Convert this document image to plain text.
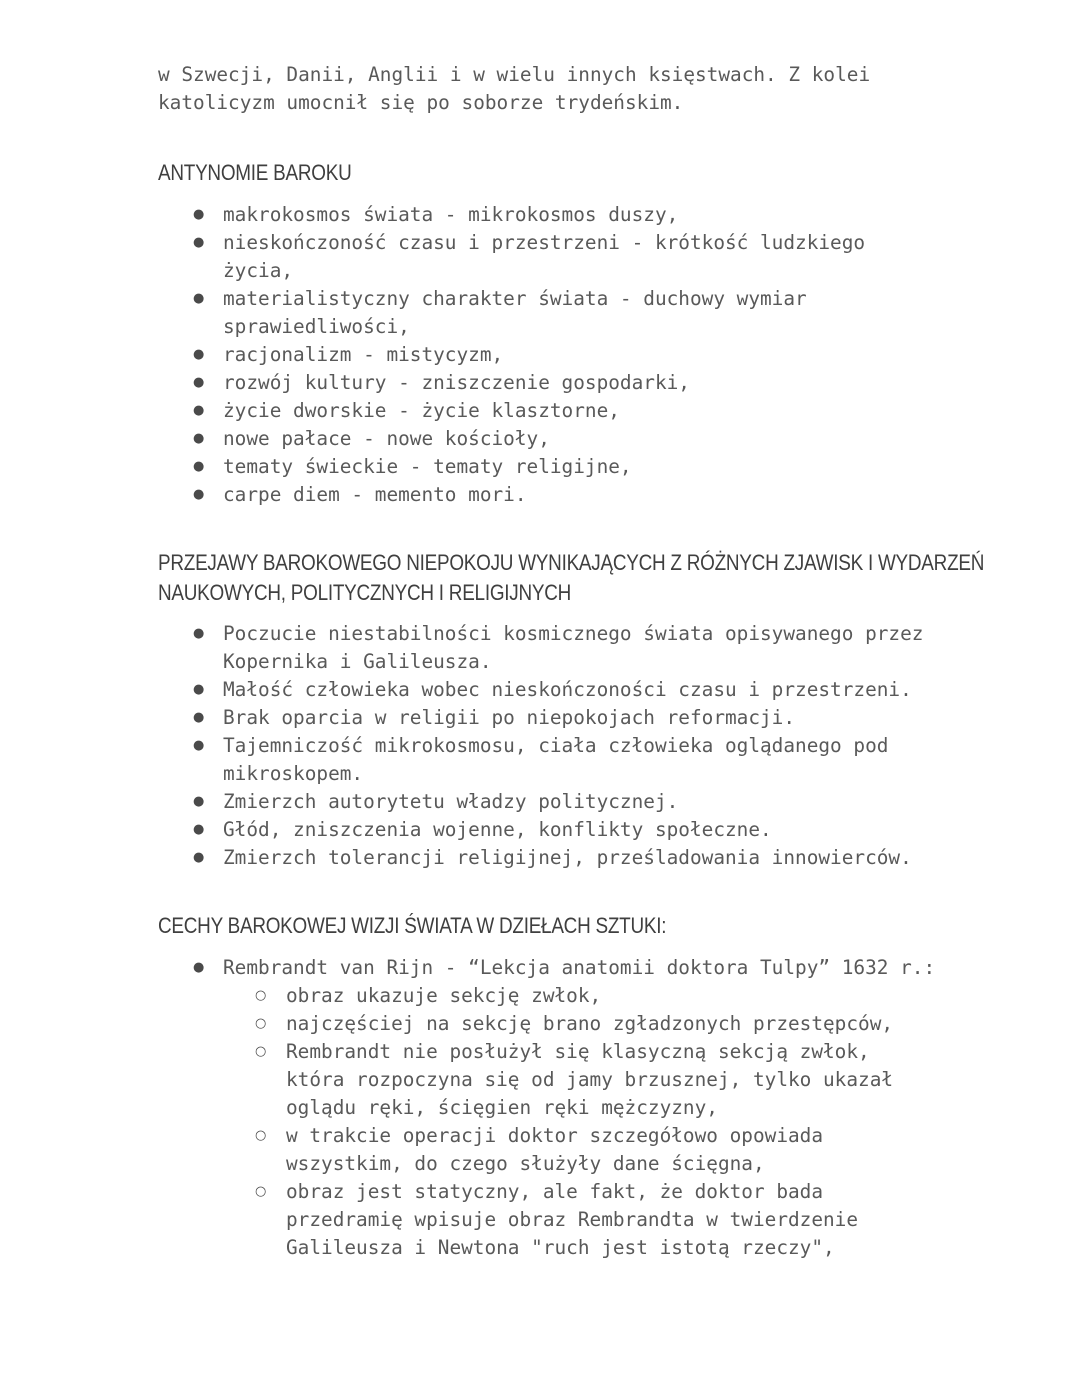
w Szwecji, Danii, Anglii i w wielu innych księstwach. Z kolei katolicyzm umocnił się po soborze trydeńskim.

ANTYNOMIE BAROKU
● makrokosmos świata - mikrokosmos duszy,
● nieskończoność czasu i przestrzeni - krótkość ludzkiego życia,
● materialistyczny charakter świata - duchowy wymiar sprawiedliwości,
● racjonalizm - mistycyzm,
● rozwój kultury - zniszczenie gospodarki,
● życie dworskie - życie klasztorne,
● nowe pałace - nowe kościoły,
● tematy świeckie - tematy religijne,
● carpe diem - memento mori.
PRZEJAWY BAROKOWEGO NIEPOKOJU WYNIKAJĄCYCH Z RÓŻNYCH ZJAWISK I WYDARZEŃ
NAUKOWYCH, POLITYCZNYCH I RELIGIJNYCH
● Poczucie niestabilności kosmicznego świata opisywanego przez Kopernika i Galileusza.
● Małość człowieka wobec nieskończoności czasu i przestrzeni.
● Brak oparcia w religii po niepokojach reformacji.
● Tajemniczość mikrokosmosu, ciała człowieka oglądanego pod mikroskopem.
● Zmierzch autorytetu władzy politycznej.
● Głód, zniszczenia wojenne, konflikty społeczne.
● Zmierzch tolerancji religijnej, prześladowania innowierców.
CECHY BAROKOWEJ WIZJI ŚWIATA W DZIEŁACH SZTUKI:
● Rembrandt van Rijn - “Lekcja anatomii doktora Tulpy” 1632 r.:
○ obraz ukazuje sekcję zwłok,
○ najczęściej na sekcję brano zgładzonych przestępców,
○ Rembrandt nie posłużył się klasyczną sekcją zwłok, która rozpoczyna się od jamy brzusznej, tylko ukazał oglądu ręki, ścięgien ręki mężczyzny,
○ w trakcie operacji doktor szczegółowo opowiada wszystkim, do czego służyły dane ścięgna,
○ obraz jest statyczny, ale fakt, że doktor bada przedramię wpisuje obraz Rembrandta w twierdzenie Galileusza i Newtona "ruch jest istotą rzeczy",
